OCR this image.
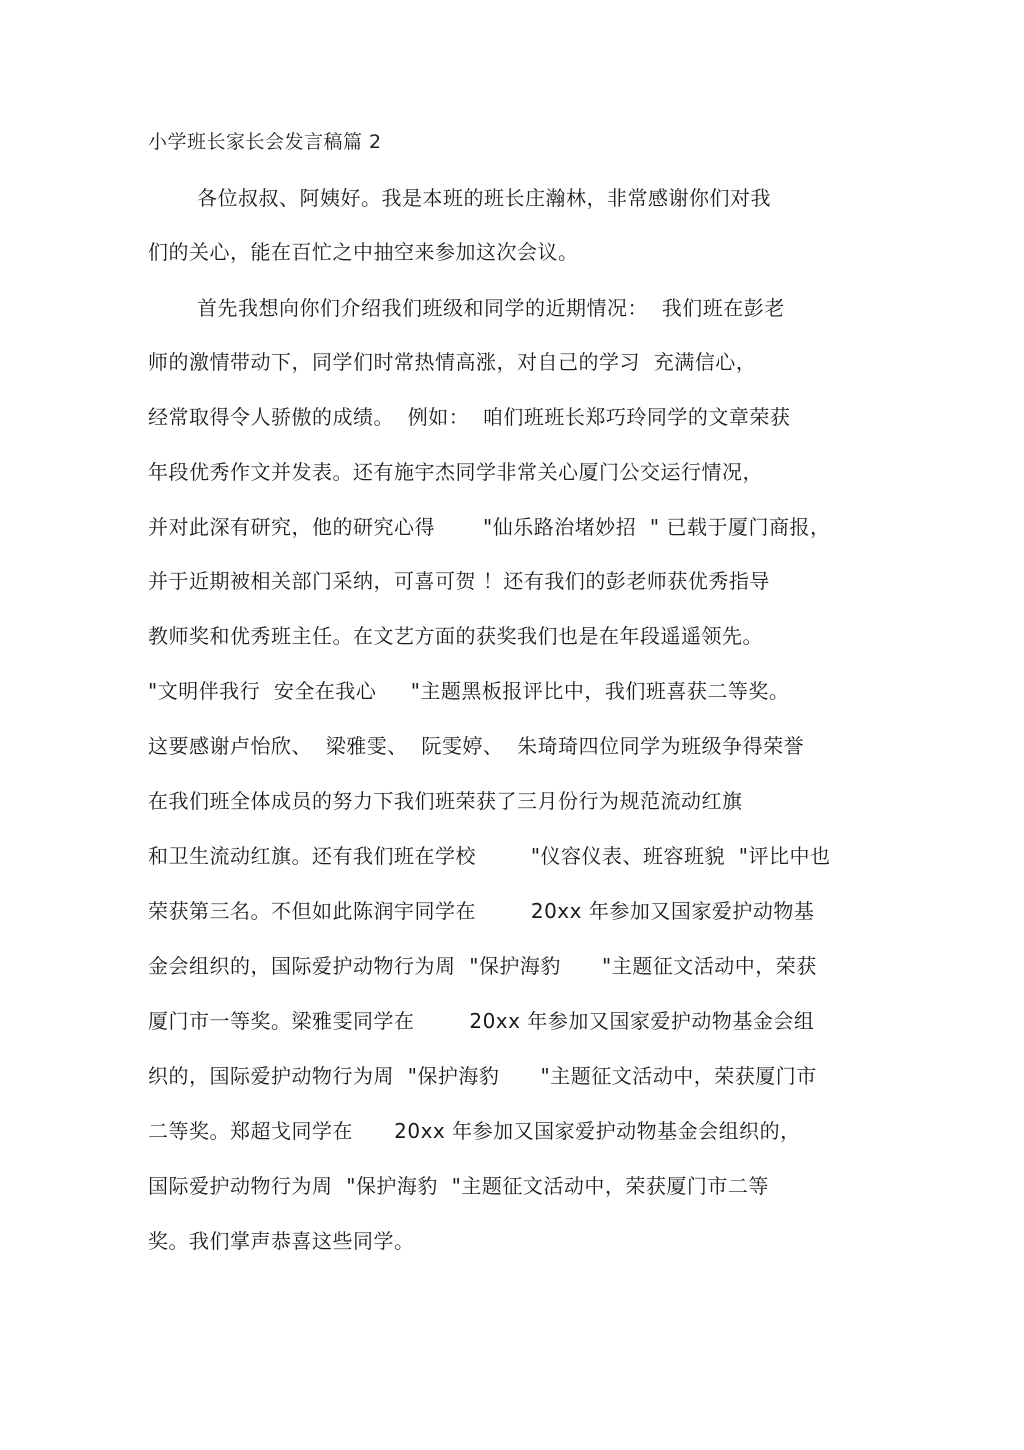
小学班长家长会发言稿篇 2
各位叔叔、阿姨好。我是本班的班长庄瀚林，非常感谢你们对我
们的关心，能在百忙之中抽空来参加这次会议。
首先我想向你们介绍我们班级和同学的近期情况：  我们班在彭老
师的激情带动下，同学们时常热情高涨，对自己的学习  充满信心，
经常取得令人骄傲的成绩。  例如：  咱们班班长郑巧玲同学的文章荣获
年段优秀作文并发表。还有施宇杰同学非常关心厦门公交运行情况，
并对此深有研究，他的研究心得       "仙乐路治堵妙招  " 已载于厦门商报，
并于近期被相关部门采纳，可喜可贺 ！还有我们的彭老师获优秀指导
教师奖和优秀班主任。在文艺方面的获奖我们也是在年段遥遥领先。
"文明伴我行  安全在我心     "主题黑板报评比中，我们班喜获二等奖。
这要感谢卢怡欣、  梁雅雯、  阮雯婷、  朱琦琦四位同学为班级争得荣誉
在我们班全体成员的努力下我们班荣获了三月份行为规范流动红旗
和卫生流动红旗。还有我们班在学校        "仪容仪表、班容班貌  "评比中也
荣获第三名。不但如此陈润宇同学在        20xx 年参加又国家爱护动物基
金会组织的，国际爱护动物行为周  "保护海豹      "主题征文活动中，荣获
厦门市一等奖。梁雅雯同学在        20xx 年参加又国家爱护动物基金会组
织的，国际爱护动物行为周  "保护海豹      "主题征文活动中，荣获厦门市
二等奖。郑超戈同学在      20xx 年参加又国家爱护动物基金会组织的，
国际爱护动物行为周  "保护海豹  "主题征文活动中，荣获厦门市二等
奖。我们掌声恭喜这些同学。
